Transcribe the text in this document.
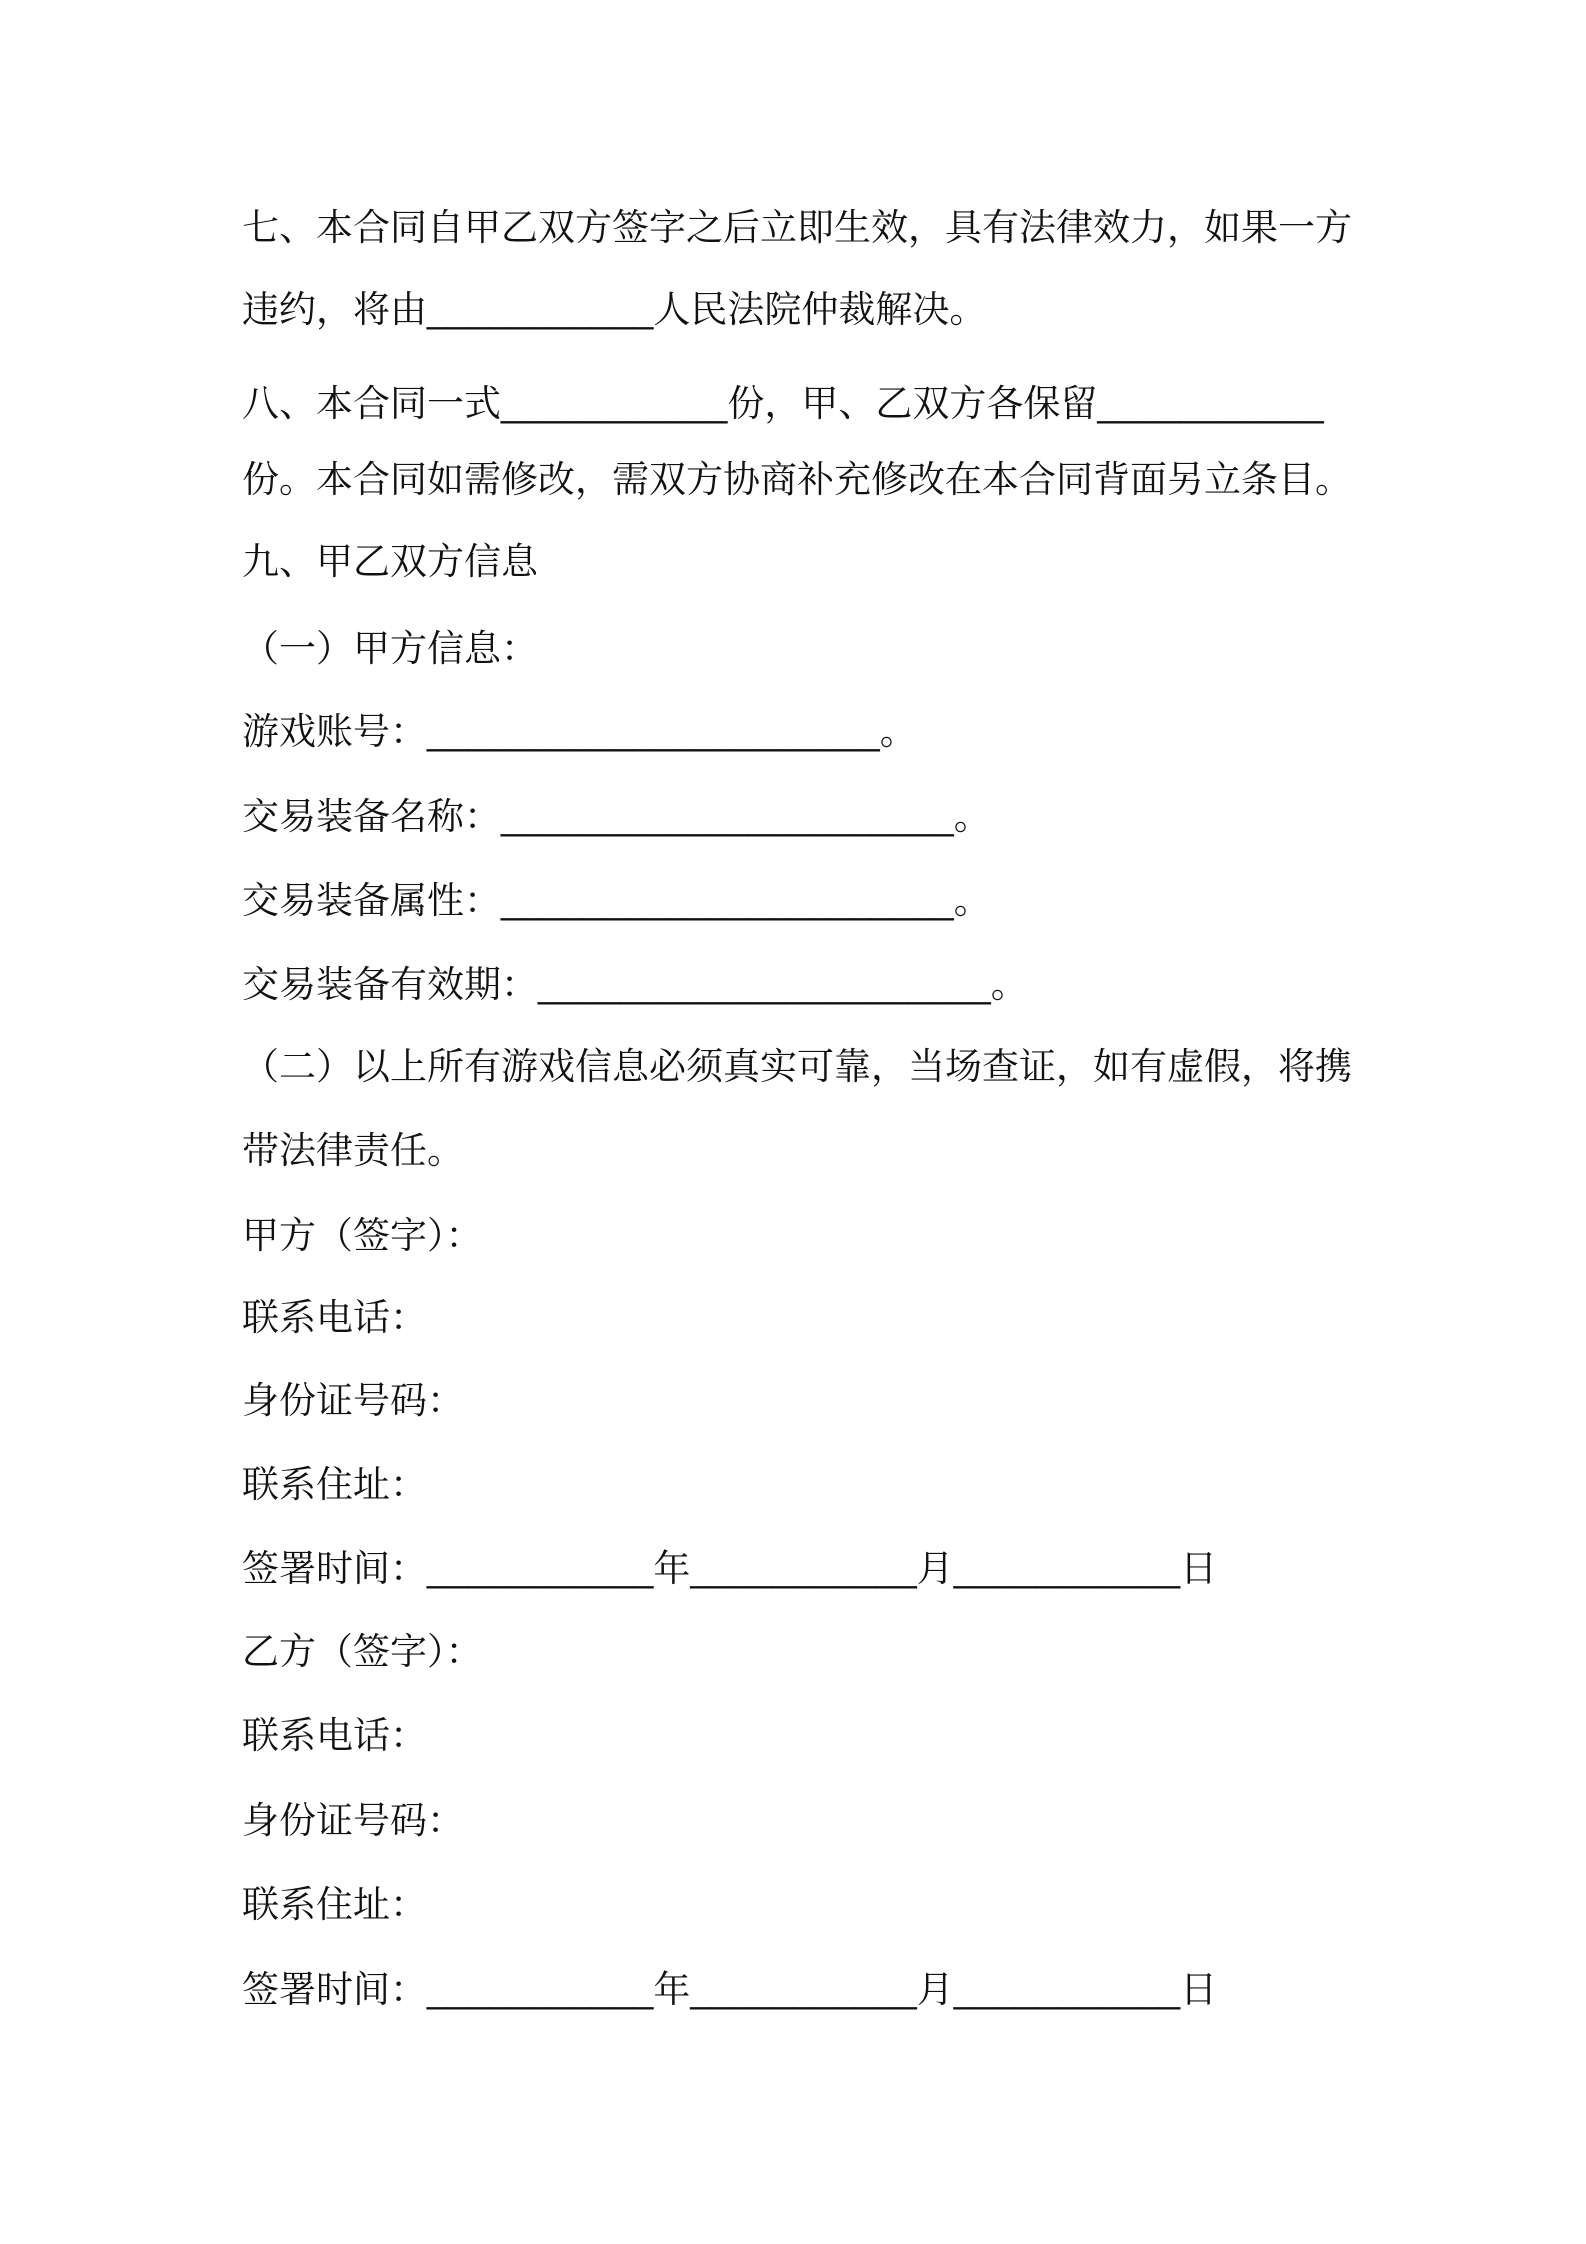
七、本合同自甲乙双方签字之后立即生效，具有法律效力，如果一方
违约，将由___________人民法院仲裁解决。
八、本合同一式___________份，甲、乙双方各保留___________
份。本合同如需修改，需双方协商补充修改在本合同背面另立条目。
九、甲乙双方信息
（一）甲方信息：
游戏账号：______________________。
交易装备名称：______________________。
交易装备属性：______________________。
交易装备有效期：______________________。
（二）以上所有游戏信息必须真实可靠，当场查证，如有虚假，将携
带法律责任。
甲方（签字）：
联系电话：
身份证号码：
联系住址：
签署时间：___________年___________月___________日
乙方（签字）：
联系电话：
身份证号码：
联系住址：
签署时间：___________年___________月___________日
